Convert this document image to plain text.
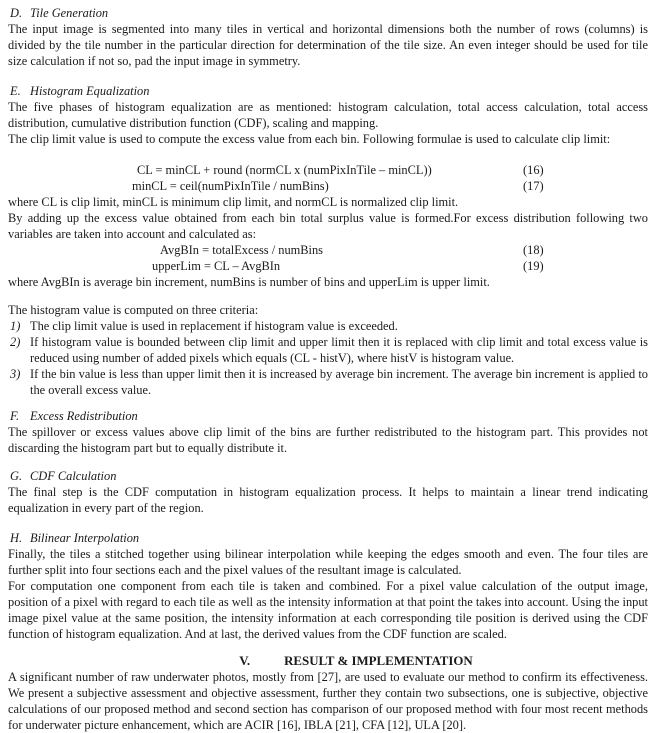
D. Tile Generation

The input image is segmented into many tiles in vertical and horizontal dimensions both the number of rows (columns) is divided by the tile number in the particular direction for determination of the tile size. An even integer should be used for tile size calculation if not so, pad the input image in symmetry.

E. Histogram Equalization

The five phases of histogram equalization are as mentioned: histogram calculation, total access calculation, total access distribution, cumulative distribution function (CDF), scaling and mapping.

The clip limit value is used to compute the excess value from each bin. Following formulae is used to calculate clip limit:

CL = minCL + round (normCL x (numPixInTile – minCL))	(16)
minCL = ceil(numPixInTile / numBins)	(17)

where CL is clip limit, minCL is minimum clip limit, and normCL is normalized clip limit.

By adding up the excess value obtained from each bin total surplus value is formed.For excess distribution following two variables are taken into account and calculated as:

AvgBIn = totalExcess / numBins	(18)
upperLim = CL – AvgBIn	(19)

where AvgBIn is average bin increment, numBins is number of bins and upperLim is upper limit.

The histogram value is computed on three criteria:

1) The clip limit value is used in replacement if histogram value is exceeded.
2) If histogram value is bounded between clip limit and upper limit then it is replaced with clip limit and total excess value is reduced using number of added pixels which equals (CL - histV), where histV is histogram value.
3) If the bin value is less than upper limit then it is increased by average bin increment. The average bin increment is applied to the overall excess value.
F. Excess Redistribution

The spillover or excess values above clip limit of the bins are further redistributed to the histogram part. This provides not discarding the histogram part but to equally distribute it.

G. CDF Calculation

The final step is the CDF computation in histogram equalization process. It helps to maintain a linear trend indicating equalization in every part of the region.

H. Bilinear Interpolation

Finally, the tiles a stitched together using bilinear interpolation while keeping the edges smooth and even. The four tiles are further split into four sections each and the pixel values of the resultant image is calculated.

For computation one component from each tile is taken and combined. For a pixel value calculation of the output image, position of a pixel with regard to each tile as well as the intensity information at that point the takes into account. Using the input image pixel value at the same position, the intensity information at each corresponding tile position is derived using the CDF function of histogram equalization. And at last, the derived values from the CDF function are scaled.

V.	RESULT & IMPLEMENTATION

A significant number of raw underwater photos, mostly from [27], are used to evaluate our method to confirm its effectiveness. We present a subjective assessment and objective assessment, further they contain two subsections, one is subjective, objective calculations of our proposed method and second section has comparison of our proposed method with four most recent methods for underwater picture enhancement, which are ACIR [16], IBLA [21], CFA [12], ULA [20].
